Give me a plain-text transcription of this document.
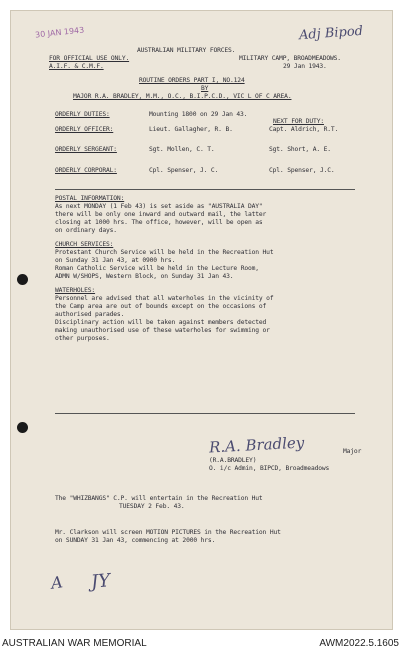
30 JAN 1943	Adj Bipod
AUSTRALIAN MILITARY FORCES.
FOR OFFICIAL USE ONLY.
A.I.F. & C.M.F.
MILITARY CAMP, BROADMEADOWS.
29 Jan 1943.
ROUTINE ORDERS PART I, NO.124
BY
MAJOR R.A. BRADLEY, M.M., O.C., B.I.P.C.D., VIC L OF C AREA.
NEXT FOR DUTY:
ORDERLY DUTIES:	Mounting 1800 on 29 Jan 43.
ORDERLY OFFICER:	Lieut. Gallagher, R. B.	Capt. Aldrich, R.T.
ORDERLY SERGEANT:	Sgt. Mollen, C. T.	Sgt. Short, A. E.
ORDERLY CORPORAL:	Cpl. Spenser, J. C.	Cpl. Spenser, J.C.
POSTAL INFORMATION:
As next MONDAY (1 Feb 43) is set aside as "AUSTRALIA DAY"
there will be only one inward and outward mail, the latter
closing at 1000 hrs. The office, however, will be open as
on ordinary days.
CHURCH SERVICES:
Protestant Church Service will be held in the Recreation Hut
on Sunday 31 Jan 43, at 0900 hrs.
Roman Catholic Service will be held in the Lecture Room,
ADMN W/SHOPS, Western Block, on Sunday 31 Jan 43.
WATERHOLES:
Personnel are advised that all waterholes in the vicinity of
the Camp area are out of bounds except on the occasions of
authorised parades.
Disciplinary action will be taken against members detected
making unauthorised use of these waterholes for swimming or
other purposes.
R.A. Bradley	Major
(R.A.BRADLEY)
O. i/c Admin, BIPCD, Broadmeadows
The "WHIZBANGS" C.P. will entertain in the Recreation Hut
TUESDAY 2 Feb. 43.
Mr. Clarkson will screen MOTION PICTURES in the Recreation Hut
on SUNDAY 31 Jan 43, commencing at 2000 hrs.
A JY
AUSTRALIAN WAR MEMORIAL	AWM2022.5.1605
